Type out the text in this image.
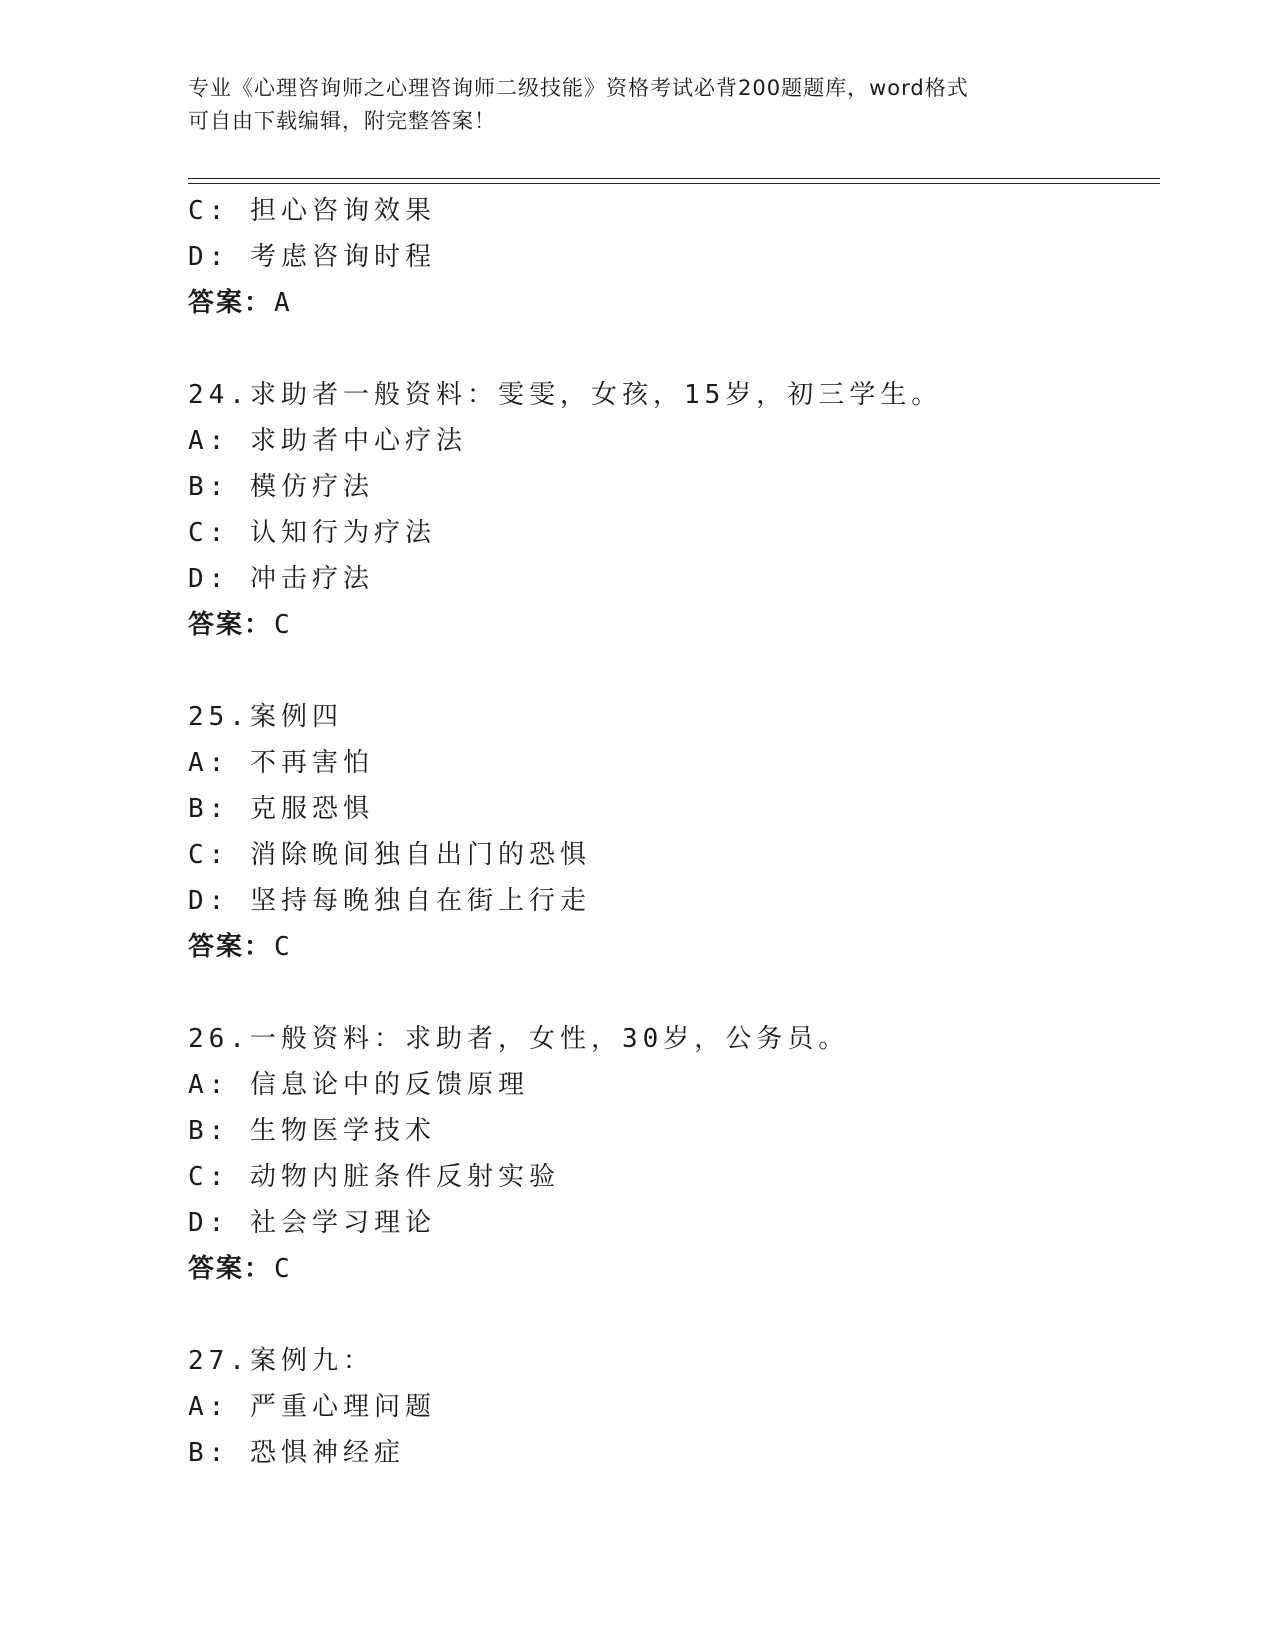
专业《心理咨询师之心理咨询师二级技能》资格考试必背200题题库，word格式
可自由下载编辑，附完整答案！
C: 担心咨询效果
D: 考虑咨询时程
答案：A
24.求助者一般资料：雯雯，女孩，15岁，初三学生。
A: 求助者中心疗法
B: 模仿疗法
C: 认知行为疗法
D: 冲击疗法
答案：C
25.案例四
A: 不再害怕
B: 克服恐惧
C: 消除晚间独自出门的恐惧
D: 坚持每晚独自在街上行走
答案：C
26.一般资料：求助者，女性，30岁，公务员。
A: 信息论中的反馈原理
B: 生物医学技术
C: 动物内脏条件反射实验
D: 社会学习理论
答案：C
27.案例九：
A: 严重心理问题
B: 恐惧神经症
